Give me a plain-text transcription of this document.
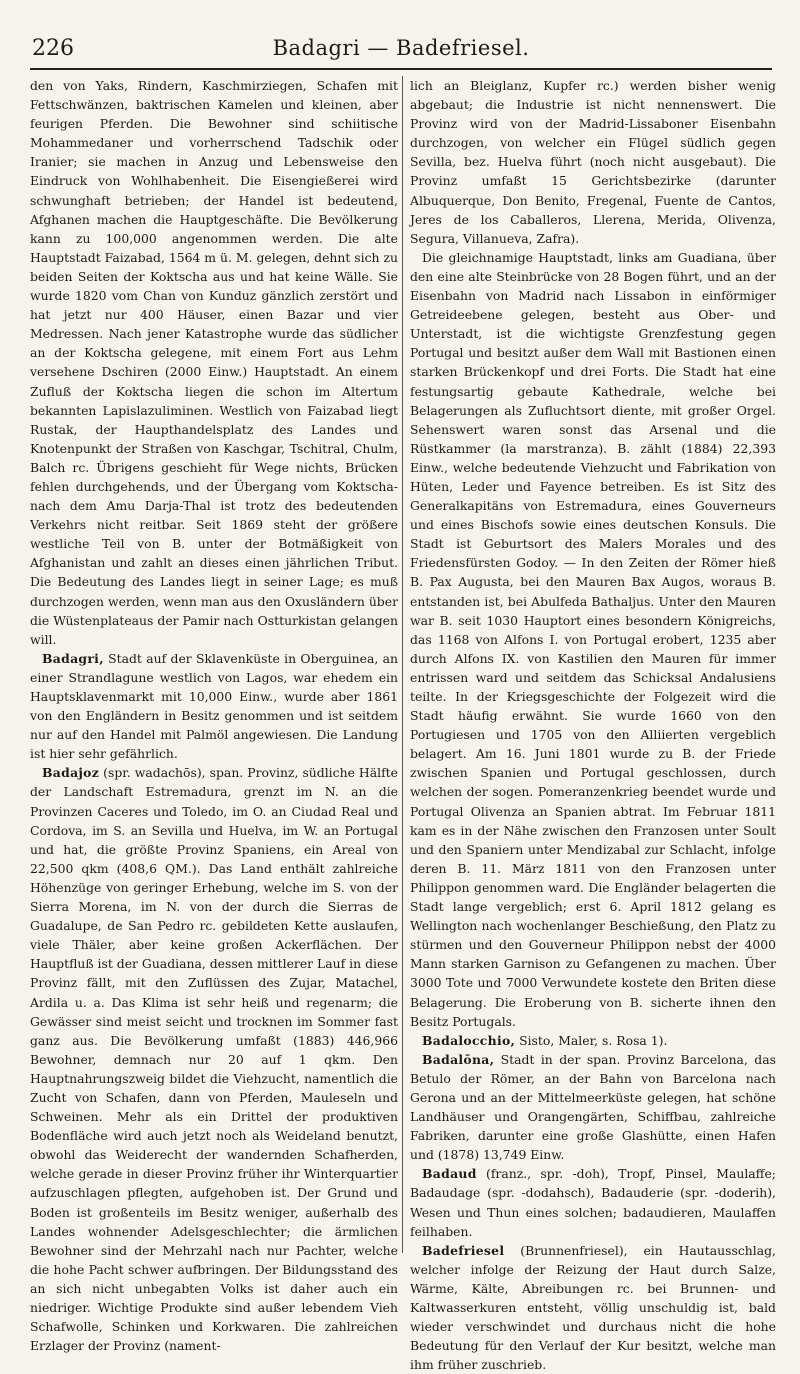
226	Badagri — Badefriesel.

den von Yaks, Rindern, Kaschmirziegen, Schafen mit Fettschwänzen, baktrischen Kamelen und kleinen, aber feurigen Pferden. Die Bewohner sind schiitische Mohammedaner und vorherrschend Tadschik oder Iranier; sie machen in Anzug und Lebensweise den Eindruck von Wohlhabenheit. Die Eisengießerei wird schwunghaft betrieben; der Handel ist bedeutend, Afghanen machen die Hauptgeschäfte. Die Bevölkerung kann zu 100,000 angenommen werden. Die alte Hauptstadt Faizabad, 1564 m ü. M. gelegen, dehnt sich zu beiden Seiten der Koktscha aus und hat keine Wälle. Sie wurde 1820 vom Chan von Kunduz gänzlich zerstört und hat jetzt nur 400 Häuser, einen Bazar und vier Medressen. Nach jener Katastrophe wurde das südlicher an der Koktscha gelegene, mit einem Fort aus Lehm versehene Dschiren (2000 Einw.) Hauptstadt. An einem Zufluß der Koktscha liegen die schon im Altertum bekannten Lapislazuliminen. Westlich von Faizabad liegt Rustak, der Haupthandelsplatz des Landes und Knotenpunkt der Straßen von Kaschgar, Tschitral, Chulm, Balch rc. Übrigens geschieht für Wege nichts, Brücken fehlen durchgehends, und der Übergang vom Koktscha- nach dem Amu Darja-Thal ist trotz des bedeutenden Verkehrs nicht reitbar. Seit 1869 steht der größere westliche Teil von B. unter der Botmäßigkeit von Afghanistan und zahlt an dieses einen jährlichen Tribut. Die Bedeutung des Landes liegt in seiner Lage; es muß durchzogen werden, wenn man aus den Oxusländern über die Wüstenplateaus der Pamir nach Ostturkistan gelangen will.

Badagri, Stadt auf der Sklavenküste in Oberguinea, an einer Strandlagune westlich von Lagos, war ehedem ein Hauptsklavenmarkt mit 10,000 Einw., wurde aber 1861 von den Engländern in Besitz genommen und ist seitdem nur auf den Handel mit Palmöl angewiesen. Die Landung ist hier sehr gefährlich.

Badajoz (spr. wadachōs), span. Provinz, südliche Hälfte der Landschaft Estremadura, grenzt im N. an die Provinzen Caceres und Toledo, im O. an Ciudad Real und Cordova, im S. an Sevilla und Huelva, im W. an Portugal und hat, die größte Provinz Spaniens, ein Areal von 22,500 qkm (408,6 QM.). Das Land enthält zahlreiche Höhenzüge von geringer Erhebung, welche im S. von der Sierra Morena, im N. von der durch die Sierras de Guadalupe, de San Pedro rc. gebildeten Kette auslaufen, viele Thäler, aber keine großen Ackerflächen. Der Hauptfluß ist der Guadiana, dessen mittlerer Lauf in diese Provinz fällt, mit den Zuflüssen des Zujar, Matachel, Ardila u. a. Das Klima ist sehr heiß und regenarm; die Gewässer sind meist seicht und trocknen im Sommer fast ganz aus. Die Bevölkerung umfaßt (1883) 446,966 Bewohner, demnach nur 20 auf 1 qkm. Den Hauptnahrungszweig bildet die Viehzucht, namentlich die Zucht von Schafen, dann von Pferden, Mauleseln und Schweinen. Mehr als ein Drittel der produktiven Bodenfläche wird auch jetzt noch als Weideland benutzt, obwohl das Weiderecht der wandernden Schafherden, welche gerade in dieser Provinz früher ihr Winterquartier aufzuschlagen pflegten, aufgehoben ist. Der Grund und Boden ist großenteils im Besitz weniger, außerhalb des Landes wohnender Adelsgeschlechter; die ärmlichen Bewohner sind der Mehrzahl nach nur Pachter, welche die hohe Pacht schwer aufbringen. Der Bildungsstand des an sich nicht unbegabten Volks ist daher auch ein niedriger. Wichtige Produkte sind außer lebendem Vieh Schafwolle, Schinken und Korkwaren. Die zahlreichen Erzlager der Provinz (nament-

lich an Bleiglanz, Kupfer rc.) werden bisher wenig abgebaut; die Industrie ist nicht nennenswert. Die Provinz wird von der Madrid-Lissaboner Eisenbahn durchzogen, von welcher ein Flügel südlich gegen Sevilla, bez. Huelva führt (noch nicht ausgebaut). Die Provinz umfaßt 15 Gerichtsbezirke (darunter Albuquerque, Don Benito, Fregenal, Fuente de Cantos, Jeres de los Caballeros, Llerena, Merida, Olivenza, Segura, Villanueva, Zafra).

Die gleichnamige Hauptstadt, links am Guadiana, über den eine alte Steinbrücke von 28 Bogen führt, und an der Eisenbahn von Madrid nach Lissabon in einförmiger Getreideebene gelegen, besteht aus Ober- und Unterstadt, ist die wichtigste Grenzfestung gegen Portugal und besitzt außer dem Wall mit Bastionen einen starken Brückenkopf und drei Forts. Die Stadt hat eine festungsartig gebaute Kathedrale, welche bei Belagerungen als Zufluchtsort diente, mit großer Orgel. Sehenswert waren sonst das Arsenal und die Rüstkammer (la marstranza). B. zählt (1884) 22,393 Einw., welche bedeutende Viehzucht und Fabrikation von Hüten, Leder und Fayence betreiben. Es ist Sitz des Generalkapitäns von Estremadura, eines Gouverneurs und eines Bischofs sowie eines deutschen Konsuls. Die Stadt ist Geburtsort des Malers Morales und des Friedensfürsten Godoy. — In den Zeiten der Römer hieß B. Pax Augusta, bei den Mauren Bax Augos, woraus B. entstanden ist, bei Abulfeda Bathaljus. Unter den Mauren war B. seit 1030 Hauptort eines besondern Königreichs, das 1168 von Alfons I. von Portugal erobert, 1235 aber durch Alfons IX. von Kastilien den Mauren für immer entrissen ward und seitdem das Schicksal Andalusiens teilte. In der Kriegsgeschichte der Folgezeit wird die Stadt häufig erwähnt. Sie wurde 1660 von den Portugiesen und 1705 von den Alliierten vergeblich belagert. Am 16. Juni 1801 wurde zu B. der Friede zwischen Spanien und Portugal geschlossen, durch welchen der sogen. Pomeranzenkrieg beendet wurde und Portugal Olivenza an Spanien abtrat. Im Februar 1811 kam es in der Nähe zwischen den Franzosen unter Soult und den Spaniern unter Mendizabal zur Schlacht, infolge deren B. 11. März 1811 von den Franzosen unter Philippon genommen ward. Die Engländer belagerten die Stadt lange vergeblich; erst 6. April 1812 gelang es Wellington nach wochenlanger Beschießung, den Platz zu stürmen und den Gouverneur Philippon nebst der 4000 Mann starken Garnison zu Gefangenen zu machen. Über 3000 Tote und 7000 Verwundete kostete den Briten diese Belagerung. Die Eroberung von B. sicherte ihnen den Besitz Portugals.

Badalocchio, Sisto, Maler, s. Rosa 1).

Badalōna, Stadt in der span. Provinz Barcelona, das Betulo der Römer, an der Bahn von Barcelona nach Gerona und an der Mittelmeerküste gelegen, hat schöne Landhäuser und Orangengärten, Schiffbau, zahlreiche Fabriken, darunter eine große Glashütte, einen Hafen und (1878) 13,749 Einw.

Badaud (franz., spr. -doh), Tropf, Pinsel, Maulaffe; Badaudage (spr. -dodahsch), Badauderie (spr. -doderih), Wesen und Thun eines solchen; badaudieren, Maulaffen feilhaben.

Badefriesel (Brunnenfriesel), ein Hautausschlag, welcher infolge der Reizung der Haut durch Salze, Wärme, Kälte, Abreibungen rc. bei Brunnen- und Kaltwasserkuren entsteht, völlig unschuldig ist, bald wieder verschwindet und durchaus nicht die hohe Bedeutung für den Verlauf der Kur besitzt, welche man ihm früher zuschrieb.
